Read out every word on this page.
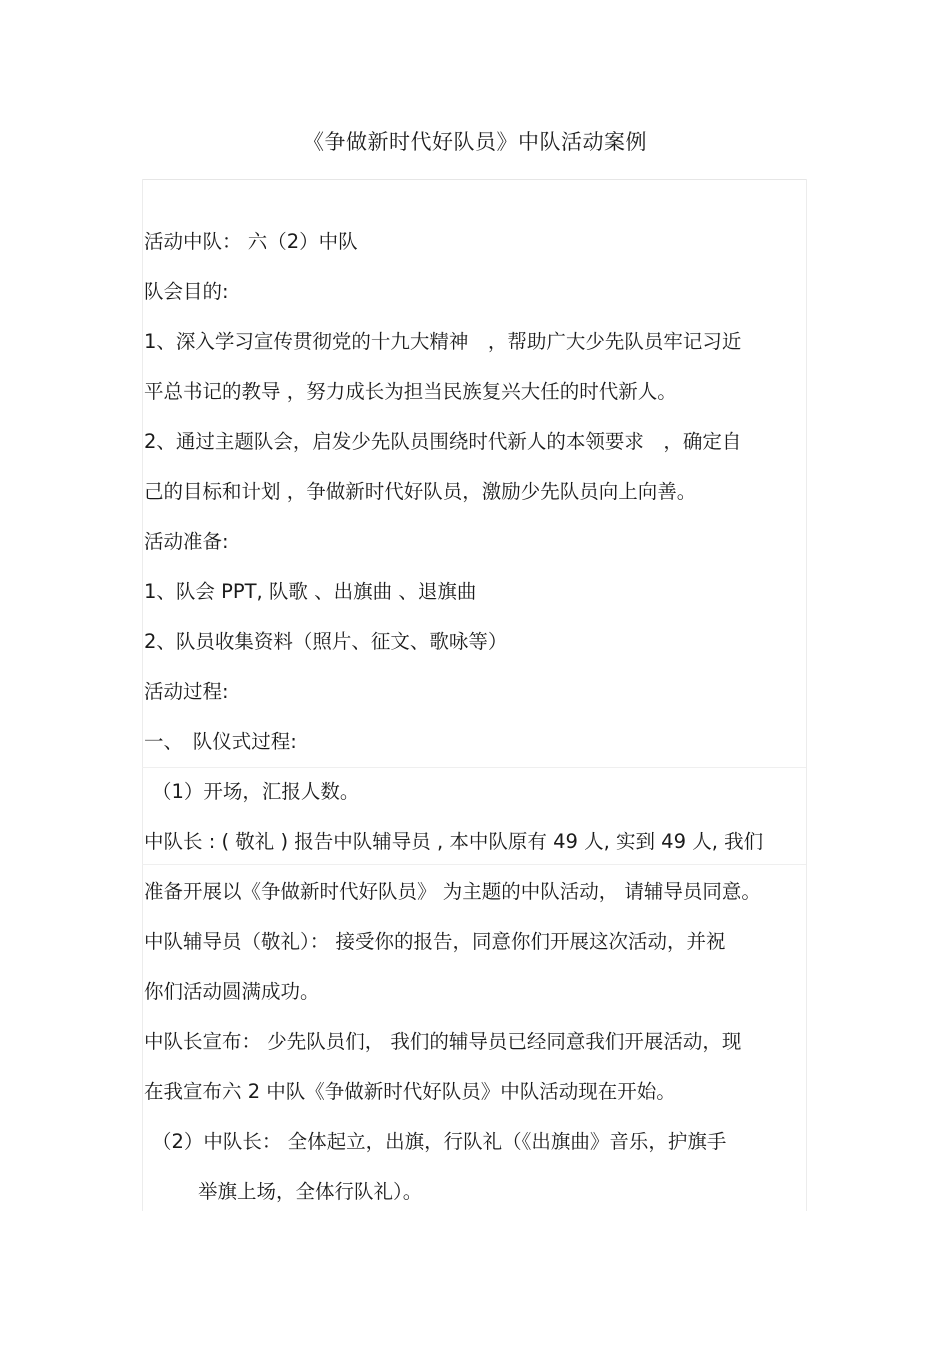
《争做新时代好队员》中队活动案例
活动中队： 六（2）中队
队会目的:
1、深入学习宣传贯彻党的十九大精神　，帮助广大少先队员牢记习近
平总书记的教导 ，努力成长为担当民族复兴大任的时代新人。
2、通过主题队会，启发少先队员围绕时代新人的本领要求　，确定自
己的目标和计划 ，争做新时代好队员，激励少先队员向上向善。
活动准备:
1、队会 PPT, 队歌 、出旗曲 、退旗曲
2、队员收集资料（照片、征文、歌咏等）
活动过程:
一、　队仪式过程:
（1）开场，汇报人数。
中队长 : ( 敬礼 ) 报告中队辅导员 , 本中队原有 49 人, 实到 49 人, 我们
准备开展以《争做新时代好队员》 为主题的中队活动， 请辅导员同意。
中队辅导员（敬礼）： 接受你的报告，同意你们开展这次活动，并祝
你们活动圆满成功。
中队长宣布： 少先队员们， 我们的辅导员已经同意我们开展活动，现
在我宣布六 2 中队《争做新时代好队员》中队活动现在开始。
（2）中队长： 全体起立，出旗，行队礼（《出旗曲》音乐，护旗手
举旗上场，全体行队礼）。
